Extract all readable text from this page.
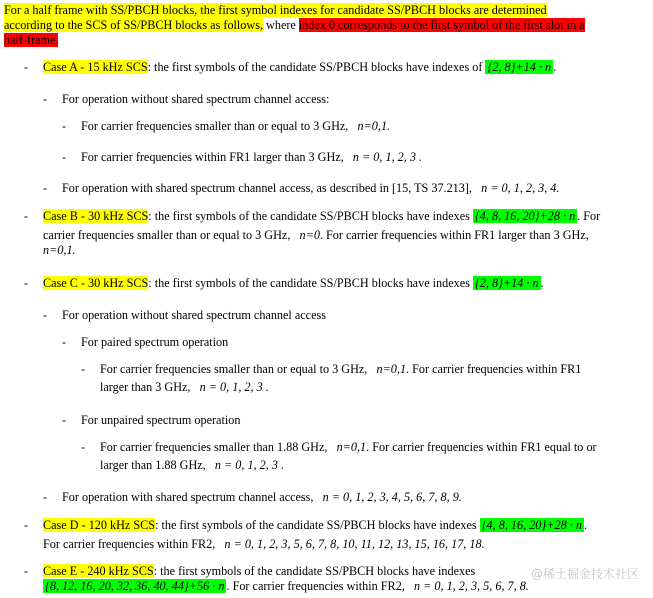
For a half frame with SS/PBCH blocks, the first symbol indexes for candidate SS/PBCH blocks are determined
according to the SCS of SS/PBCH blocks as follows, where index 0 corresponds to the first symbol of the first slot in a
half-frame.
- Case A - 15 kHz SCS: the first symbols of the candidate SS/PBCH blocks have indexes of {2, 8}+14 · n .
- For operation without shared spectrum channel access:
- For carrier frequencies smaller than or equal to 3 GHz, n=0,1.
- For carrier frequencies within FR1 larger than 3 GHz, n = 0, 1, 2, 3 .
- For operation with shared spectrum channel access, as described in [15, TS 37.213], n = 0, 1, 2, 3, 4.
- Case B - 30 kHz SCS: the first symbols of the candidate SS/PBCH blocks have indexes {4, 8, 16, 20}+28 · n . For
carrier frequencies smaller than or equal to 3 GHz, n=0. For carrier frequencies within FR1 larger than 3 GHz,
n=0,1.
- Case C - 30 kHz SCS: the first symbols of the candidate SS/PBCH blocks have indexes {2, 8}+14 · n .
- For operation without shared spectrum channel access
- For paired spectrum operation
- For carrier frequencies smaller than or equal to 3 GHz, n=0,1. For carrier frequencies within FR1
larger than 3 GHz, n = 0, 1, 2, 3 .
- For unpaired spectrum operation
- For carrier frequencies smaller than 1.88 GHz, n=0,1. For carrier frequencies within FR1 equal to or
larger than 1.88 GHz, n = 0, 1, 2, 3 .
- For operation with shared spectrum channel access, n = 0, 1, 2, 3, 4, 5, 6, 7, 8, 9.
- Case D - 120 kHz SCS: the first symbols of the candidate SS/PBCH blocks have indexes {4, 8, 16, 20}+28 · n .
For carrier frequencies within FR2, n = 0, 1, 2, 3, 5, 6, 7, 8, 10, 11, 12, 13, 15, 16, 17, 18.
- Case E - 240 kHz SCS: the first symbols of the candidate SS/PBCH blocks have indexes
{8, 12, 16, 20, 32, 36, 40, 44}+56 · n . For carrier frequencies within FR2, n = 0, 1, 2, 3, 5, 6, 7, 8.
@稀土掘金技术社区
